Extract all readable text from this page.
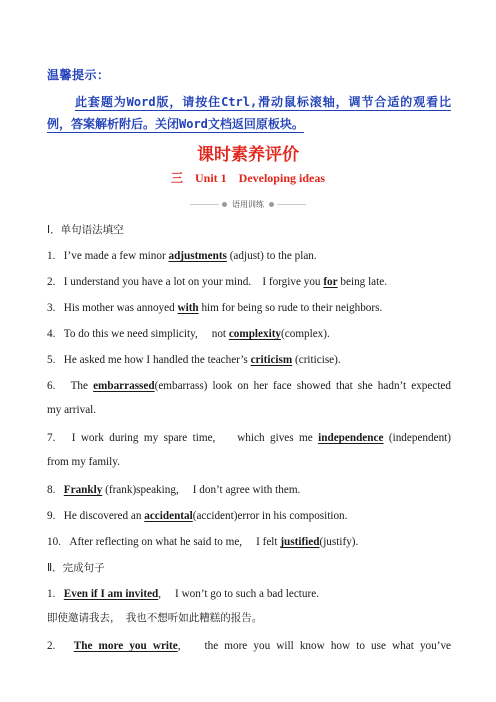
温馨提示：
此套题为Word版，请按住Ctrl,滑动鼠标滚轴，调节合适的观看比例，答案解析附后。关闭Word文档返回原板块。
课时素养评价
三　Unit 1　Developing ideas
语用训练
Ⅰ．单句语法填空
1. I’ve made a few minor adjustments (adjust) to the plan.
2. I understand you have a lot on your mind.　I forgive you for being late.
3. His mother was annoyed with him for being so rude to their neighbors.
4. To do this we need simplicity,　 not complexity(complex).
5. He asked me how I handled the teacher’s criticism (criticise).
6. The embarrassed(embarrass) look on her face showed that she hadn’t expected
my arrival.
7. I work during my spare time,　 which gives me independence (independent)
from my family.
8. Frankly (frank)speaking,　 I don’t agree with them.
9. He discovered an accidental(accident)error in his composition.
10. After reflecting on what he said to me,　 I felt justified(justify).
Ⅱ．完成句子
1. Even if I am invited,　 I won’t go to such a bad lecture.
即使邀请我去，　我也不想听如此糟糕的报告。
2. The more you write,　 the more you will know how to use what you’ve
